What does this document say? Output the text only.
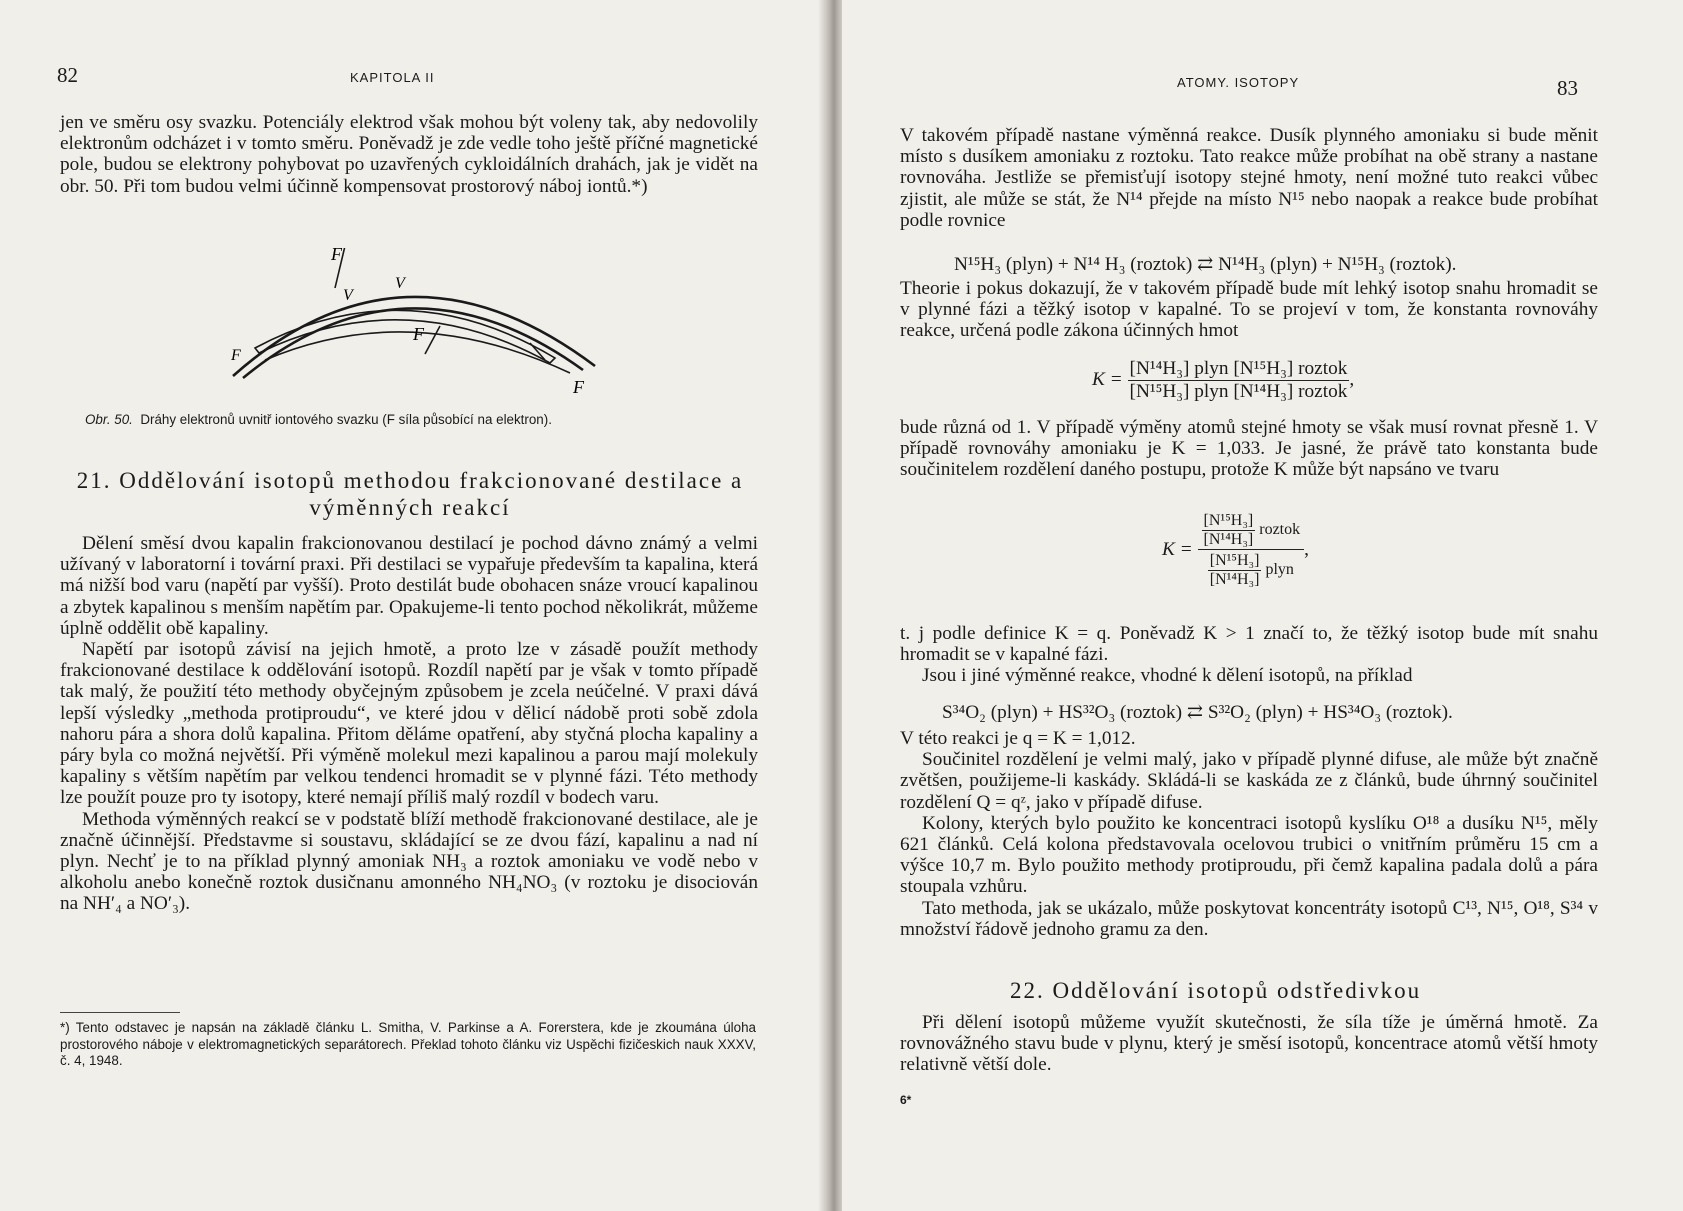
82	KAPITOLA II

jen ve směru osy svazku. Potenciály elektrod však mohou být voleny tak, aby nedovolily elektronům odcházet i v tomto směru. Poněvadž je zde vedle toho ještě příčné magnetické pole, budou se elektrony pohybovat po uzavřených cykloidálních drahách, jak je vidět na obr. 50. Při tom budou velmi účinně kompensovat prostorový náboj iontů.*)

F
V
V
F
F
F
Obr. 50. Dráhy elektronů uvnitř iontového svazku (F síla působící na elektron).
21. Oddělování isotopů methodou frakcionované destilace a výměnných reakcí

Dělení směsí dvou kapalin frakcionovanou destilací je pochod dávno známý a velmi užívaný v laboratorní i tovární praxi. Při destilaci se vypařuje především ta kapalina, která má nižší bod varu (napětí par vyšší). Proto destilát bude obohacen snáze vroucí kapalinou a zbytek kapalinou s menším napětím par. Opakujeme-li tento pochod několikrát, můžeme úplně oddělit obě kapaliny.

Napětí par isotopů závisí na jejich hmotě, a proto lze v zásadě použít methody frakcionované destilace k oddělování isotopů. Rozdíl napětí par je však v tomto případě tak malý, že použití této methody obyčejným způsobem je zcela neúčelné. V praxi dává lepší výsledky „methoda protiproudu“, ve které jdou v dělicí nádobě proti sobě zdola nahoru pára a shora dolů kapalina. Přitom děláme opatření, aby styčná plocha kapaliny a páry byla co možná největší. Při výměně molekul mezi kapalinou a parou mají molekuly kapaliny s větším napětím par velkou tendenci hromadit se v plynné fázi. Této methody lze použít pouze pro ty isotopy, které nemají příliš malý rozdíl v bodech varu.

Methoda výměnných reakcí se v podstatě blíží methodě frakcionované destilace, ale je značně účinnější. Představme si soustavu, skládající se ze dvou fází, kapalinu a nad ní plyn. Nechť je to na příklad plynný amoniak NH₃ a roztok amoniaku ve vodě nebo v alkoholu anebo konečně roztok dusičnanu amonného NH₄NO₃ (v roztoku je disociován na NH′₄ a NO′₃).

*) Tento odstavec je napsán na základě článku L. Smitha, V. Parkinse a A. Forerstera, kde je zkoumána úloha prostorového náboje v elektromagnetických separátorech. Překlad tohoto článku viz Uspěchi fizičeskich nauk XXXV, č. 4, 1948.
ATOMY. ISOTOPY	83

V takovém případě nastane výměnná reakce. Dusík plynného amoniaku si bude měnit místo s dusíkem amoniaku z roztoku. Tato reakce může probíhat na obě strany a nastane rovnováha. Jestliže se přemisťují isotopy stejné hmoty, není možné tuto reakci vůbec zjistit, ale může se stát, že N¹⁴ přejde na místo N¹⁵ nebo naopak a reakce bude probíhat podle rovnice

N¹⁵H₃ (plyn) + N¹⁴ H₃ (roztok) ⇄ N¹⁴H₃ (plyn) + N¹⁵H₃ (roztok).

Theorie i pokus dokazují, že v takovém případě bude mít lehký isotop snahu hromadit se v plynné fázi a těžký isotop v kapalné. To se projeví v tom, že konstanta rovnováhy reakce, určená podle zákona účinných hmot

$K = \frac{\text{[N¹⁴H₃] plyn [N¹⁵H₃] roztok}}{\text{[N¹⁵H₃] plyn [N¹⁴H₃] roztok}}$ ,

bude různá od 1. V případě výměny atomů stejné hmoty se však musí rovnat přesně 1. V případě rovnováhy amoniaku je K = 1,033. Je jasné, že právě tato konstanta bude součinitelem rozdělení daného postupu, protože K může být napsáno ve tvaru

$K = \frac{\frac{\text{[N¹⁵H₃]}}{\text{[N¹⁴H₃]}} roztok}{\frac{\text{[N¹⁵H₃]}}{\text{[N¹⁴H₃]}} plyn}$ ,

t. j podle definice K = q. Poněvadž K > 1 značí to, že těžký isotop bude mít snahu hromadit se v kapalné fázi.

Jsou i jiné výměnné reakce, vhodné k dělení isotopů, na příklad

S³⁴O₂ (plyn) + HS³²O₃ (roztok) ⇄ S³²O₂ (plyn) + HS³⁴O₃ (roztok).

V této reakci je q = K = 1,012.

Součinitel rozdělení je velmi malý, jako v případě plynné difuse, ale může být značně zvětšen, použijeme-li kaskády. Skládá-li se kaskáda ze z článků, bude úhrnný součinitel rozdělení Q = qᶻ, jako v případě difuse.

Kolony, kterých bylo použito ke koncentraci isotopů kyslíku O¹⁸ a dusíku N¹⁵, měly 621 článků. Celá kolona představovala ocelovou trubici o vnitřním průměru 15 cm a výšce 10,7 m. Bylo použito methody protiproudu, při čemž kapalina padala dolů a pára stoupala vzhůru.

Tato methoda, jak se ukázalo, může poskytovat koncentráty isotopů C¹³, N¹⁵, O¹⁸, S³⁴ v množství řádově jednoho gramu za den.

22. Oddělování isotopů odstředivkou

Při dělení isotopů můžeme využít skutečnosti, že síla tíže je úměrná hmotě. Za rovnovážného stavu bude v plynu, který je směsí isotopů, koncentrace atomů větší hmoty relativně větší dole.

6*
